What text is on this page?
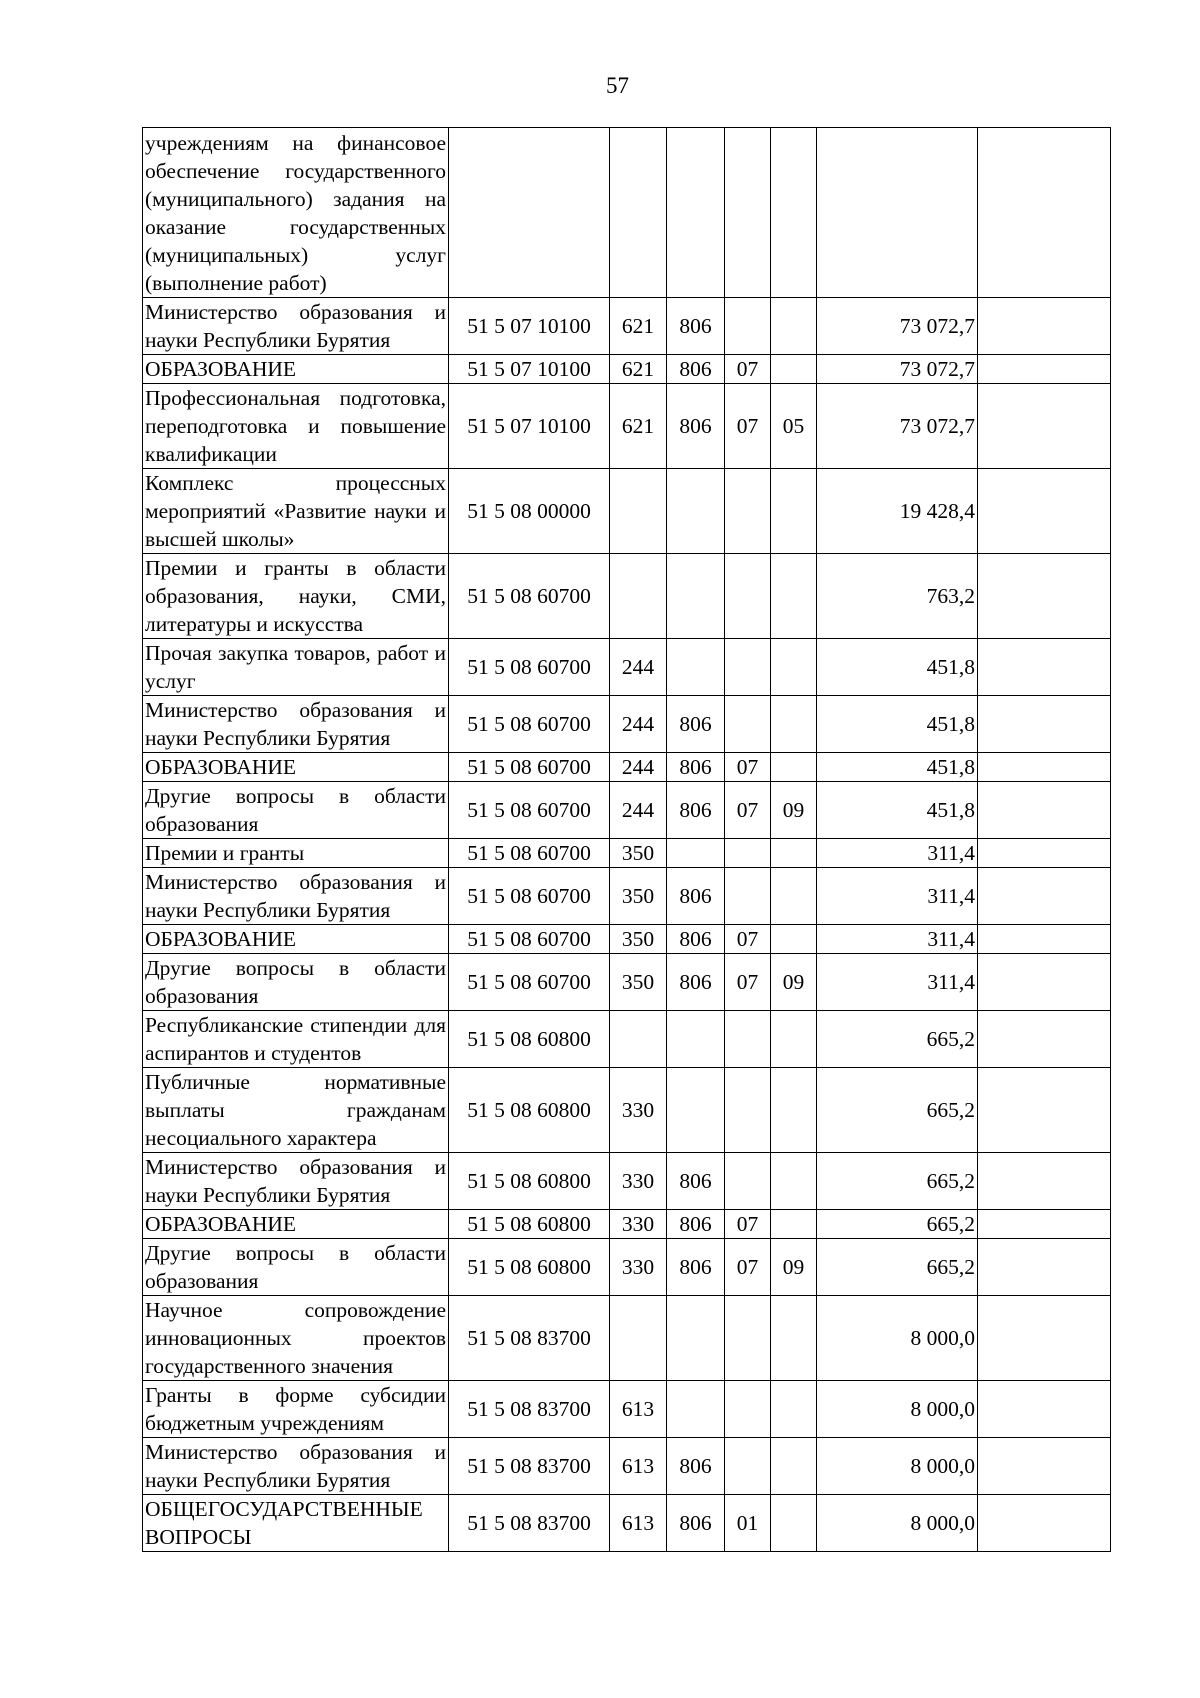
57
учреждениям на финансовое обеспечение государственного (муниципального) задания на оказание государственных (муниципальных) услуг (выполнение работ)							
Министерство образования и науки Республики Бурятия	51 5 07 10100	621	806			73 072,7	
ОБРАЗОВАНИЕ	51 5 07 10100	621	806	07		73 072,7	
Профессиональная подготовка, переподготовка и повышение квалификации	51 5 07 10100	621	806	07	05	73 072,7	
Комплекс процессных мероприятий «Развитие науки и высшей школы»	51 5 08 00000					19 428,4	
Премии и гранты в области образования, науки, СМИ, литературы и искусства	51 5 08 60700					763,2	
Прочая закупка товаров, работ и услуг	51 5 08 60700	244				451,8	
Министерство образования и науки Республики Бурятия	51 5 08 60700	244	806			451,8	
ОБРАЗОВАНИЕ	51 5 08 60700	244	806	07		451,8	
Другие вопросы в области образования	51 5 08 60700	244	806	07	09	451,8	
Премии и гранты	51 5 08 60700	350				311,4	
Министерство образования и науки Республики Бурятия	51 5 08 60700	350	806			311,4	
ОБРАЗОВАНИЕ	51 5 08 60700	350	806	07		311,4	
Другие вопросы в области образования	51 5 08 60700	350	806	07	09	311,4	
Республиканские стипендии для аспирантов и студентов	51 5 08 60800					665,2	
Публичные нормативные выплаты гражданам несоциального характера	51 5 08 60800	330				665,2	
Министерство образования и науки Республики Бурятия	51 5 08 60800	330	806			665,2	
ОБРАЗОВАНИЕ	51 5 08 60800	330	806	07		665,2	
Другие вопросы в области образования	51 5 08 60800	330	806	07	09	665,2	
Научное сопровождение инновационных проектов государственного значения	51 5 08 83700					8 000,0	
Гранты в форме субсидии бюджетным учреждениям	51 5 08 83700	613				8 000,0	
Министерство образования и науки Республики Бурятия	51 5 08 83700	613	806			8 000,0	
ОБЩЕГОСУДАРСТВЕННЫЕ ВОПРОСЫ	51 5 08 83700	613	806	01		8 000,0	
